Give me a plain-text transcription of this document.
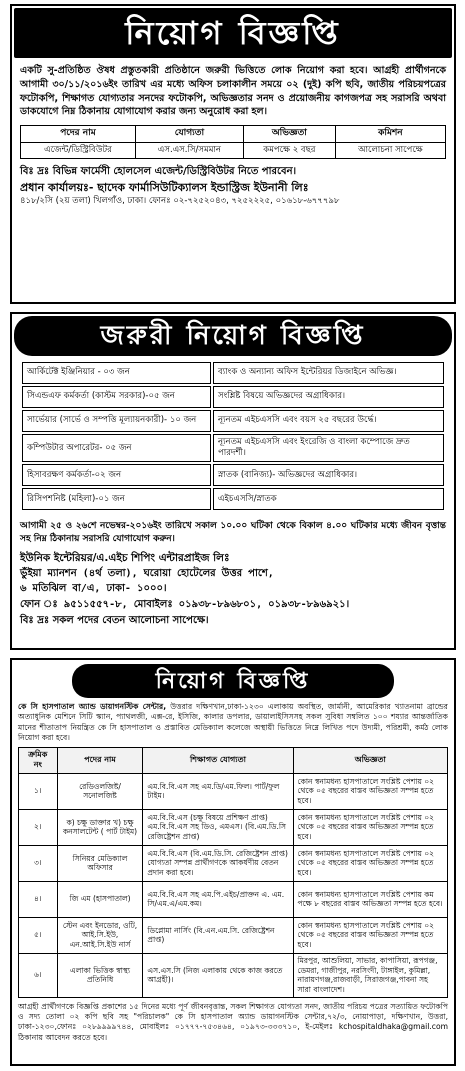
নিয়োগ বিজ্ঞপ্তি
একটি সু-প্রতিষ্ঠিত ঔষধ প্রস্তুতকারী প্রতিষ্ঠানে জরুরী ভিত্তিতে লোক নিয়োগ করা হবে। আগ্রহী প্রার্থীগনকে আগামী ৩০/১১/২০১৬ইং তারিখ এর মধ্যে অফিস চলাকালীন সময়ে ০২ (দুই) কপি ছবি, জাতীয় পরিচয়পত্রের ফটোকপি, শিক্ষাগত যোগ্যতার সনদের ফটোকপি, অভিজ্ঞতার সনদ ও প্রয়োজনীয় কাগজপত্র সহ সরাসরি অথবা ডাকযোগে নিম্ন ঠিকানায় যোগাযোগ করার জন্য অনুরোধ করা হল।
পদের নাম	যোগ্যতা	অভিজ্ঞতা	কমিশন
এজেন্ট/ডিস্ট্রিবিউটর	এস.এস.সি/সমমান	কমপক্ষে ২ বছর	আলোচনা সাপেক্ষে
বিঃ দ্রঃ বিভিন্ন ফার্মেসী হোলসেল এজেন্ট/ডিস্ট্রিবিউটর নিতে পারবেন।
প্রধান কার্যালয়ঃ- ছাদেক ফার্মাসিউটিক্যালস ইন্ডাস্ট্রিজ ইউনানী লিঃ
৪১৮/২সি (২য় তলা) খিলগাঁও, ঢাকা। ফোনঃ ০২-৭২৫২০৪৩, ৭২৫২২২৫, ০১৬১৮-৬৭৭৭৯৮
জরুরী নিয়োগ বিজ্ঞপ্তি
আর্কিটেক্ট ইঞ্জিনিয়ার - ০৩ জন	ব্যাংক ও অন্যান্য অফিস ইন্টেরিয়র ডিজাইনে অভিজ্ঞ।
সিএন্ডএফ কর্মকর্তা (কাস্টম সরকার)-০৫ জন	সংশ্লিষ্ট বিষয়ে অভিজ্ঞদের অগ্রাধিকার।
সার্ভেয়ার (সার্ভে ও সম্পত্তি মূল্যায়নকারী)- ১০ জন	ন্যূনতম এইচএসসি এবং বয়স ২৫ বছরের উর্দ্ধে।
কম্পিউটার অপারেটর- ০৫ জন	ন্যূনতম এইচএসসি এবং ইংরেজি ও বাংলা কম্পোজে দ্রুত পারদর্শী।
হিসাবরক্ষণ কর্মকর্তা-০২ জন	স্নাতক (বানিজ্য)- অভিজ্ঞদের অগ্রাধিকার।
রিসিপশনিষ্ট (মহিলা)-০১ জন	এইচএসসি/স্নাতক
আগামী ২৫ ও ২৬শে নভেম্বর-২০১৬ইং তারিখে সকাল ১০.০০ ঘটিকা থেকে বিকাল ৪.০০ ঘটিকার মধ্যে জীবন বৃত্তান্ত সহ নিম্ন ঠিকানায় সরাসরি যোগাযোগ করুন।
ইউনিক ইন্টেরিয়র/এ.এইচ শিপিং এন্টারপ্রাইজ লিঃ
ভুঁইয়া ম্যানশন (৪র্থ তলা), ঘরোয়া হোটেলের উত্তর পাশে,
৬ মতিঝিল বা/এ, ঢাকা- ১০০০।
ফোন ঃ ৯৫১১৫৫৭-৮, মোবাইলঃ ০১৯৩৮-৮৯৬৮০১, ০১৯৩৮-৮৯৬৯২১।
বিঃ দ্রঃ সকল পদের বেতন আলোচনা সাপেক্ষে।
নিয়োগ বিজ্ঞপ্তি
কে সি হাসপাতাল অ্যান্ড ডায়াগনস্টিক সেন্টার, উত্তরার দক্ষিণখান,ঢাকা-১২৩০ এলাকায় অবস্থিত, জার্মানী, আমেরিকার খ্যাতনামা ব্রান্ডের অত্যাধুনিক মেশিনে সিটি স্ক্যান, প্যাথলজী, এক্স-রে, ইসিজি, কালার ডপলার, ডায়ালাইসিসসহ সকল সুবিধা সম্বলিত ১০০ শয্যার আন্তর্জাতিক মানের শীতাতাপ নিয়ন্ত্রিত কে সি হাসপাতাল ও প্রস্তাবিত মেডিক্যাল কলেজে অস্থায়ী ভিত্তিতে নিম্নে লিখিত পদে উদ্যমী, পরিশ্রমী, কর্মঠ লোক নিয়োগ করা হবে।
ক্রমিক নং	পদের নাম	শিক্ষাগত যোগ্যতা	অভিজ্ঞতা
১।	রেডিওলজিষ্ট/ সনোলজিষ্ট	এম.বি.বি.এস সহ এম.ডি/এম.ফিল। পার্ট/ফুল টাইম।	কোন স্বনামধন্য হাসপাতালে সংশ্লিষ্ট পেশায় ০২ থেকে ০৫ বছরের বাস্তব অভিজ্ঞতা সম্পন্ন হতে হবে।
২।	ক) চক্ষু ডাক্তার খ) চক্ষু কনসালটেন্ট ( পার্ট টাইম)	এম.বি.বি.এস (চক্ষু বিষয়ে প্রশিক্ষণ প্রাপ্ত) এম.বি.বি.এস সহ ডিও, এমএস। (বি.এম.ডি.সি রেজিষ্ট্রেশন প্রাপ্ত)	কোন স্বনামধন্য হাসপাতালে সংশ্লিষ্ট পেশায় ০২ থেকে ০৫ বছরের বাস্তব অভিজ্ঞতা সম্পন্ন হতে হবে।
৩।	সিনিয়র মেডিক্যাল অফিসার	এম.বি.বি.এস (বি.এম.ডি.সি. রেজিষ্ট্রেশন প্রাপ্ত) যোগ্যতা সম্পন্ন প্রার্থীগণকে আকর্ষণীয় বেতন প্রদান করা হবে।	কোন স্বনামধন্য হাসপাতালে সংশ্লিষ্ট পেশায় ০২ থেকে ০৫ বছরের বাস্তব অভিজ্ঞতা সম্পন্ন হতে হবে।
৪।	জি এম (হাসপাতাল)	এম.বি.বি.এস সহ এম.পি.এইচ/প্রাক্তন এ. এম. সি/এম.এ/এম.কম।	কোন স্বনামধন্য হাসপাতালে সংশ্লিষ্ট পেশায় কম পক্ষে ৮ বছরের বাস্তব অভিজ্ঞতা সম্পন্ন হতে হবে।
৫।	স্টেন এবং ইনডোর, ওটি, আই.সি.ইউ, এন.আই.সি.ইউ নার্স	ডিপ্লোমা নার্সিং (বি.এন.এম.সি. রেজিষ্ট্রেশন প্রাপ্ত)	কোন স্বনামধন্য হাসপাতালে সংশ্লিষ্ট পেশায় ০২ থেকে ০৫ বছরের বাস্তব অভিজ্ঞতা সম্পন্ন হতে হবে।
৬।	এলাকা ভিত্তিক স্বাস্থ্য প্রতিনিধি	এস.এস.সি (নিজ এলাকায় থেকে কাজ করতে আগ্রহী)।	মিরপুর, আশুলিয়া, সাভার, কাপাসিয়া, রূপগঞ্জ, ডেমরা, গাজীপুর, নরসিংদী, টাঙ্গাইল, কুমিল্লা, নারায়ণগঞ্জ,রাজবাড়ী, সিরাজগঞ্জ,পাবনা সহ সারা বাংলাদেশ।
আগ্রহী প্রার্থীগণকে বিজ্ঞপ্তি প্রকাশের ১৫ দিনের মধ্যে পূর্ণ জীবনবৃত্তান্ত, সকল শিক্ষাগত যোগ্যতা সনদ, জাতীয় পরিচয় পত্রের সত্যায়িত ফটোকপি ও সদ্য তোলা ০২ কপি ছবি সহ "পরিচালক" কে সি হাসপাতাল অ্যান্ড ডায়াগনস্টিক সেন্টার,৭২/৩, নোয়াপাড়া, দক্ষিণখান, উত্তরা, ঢাকা-১২৩০,ফোনঃ ০২৮৯৯৯৯৭৪৪, মোবাইলঃ ০১৭৭৭-৭৫৩৪৬৪, ০১৯৭৩-৩৩৩৭১০, ই-মেইলঃ kchospitaldhaka@gmail.com ঠিকানায় আবেদন করতে হবে।
